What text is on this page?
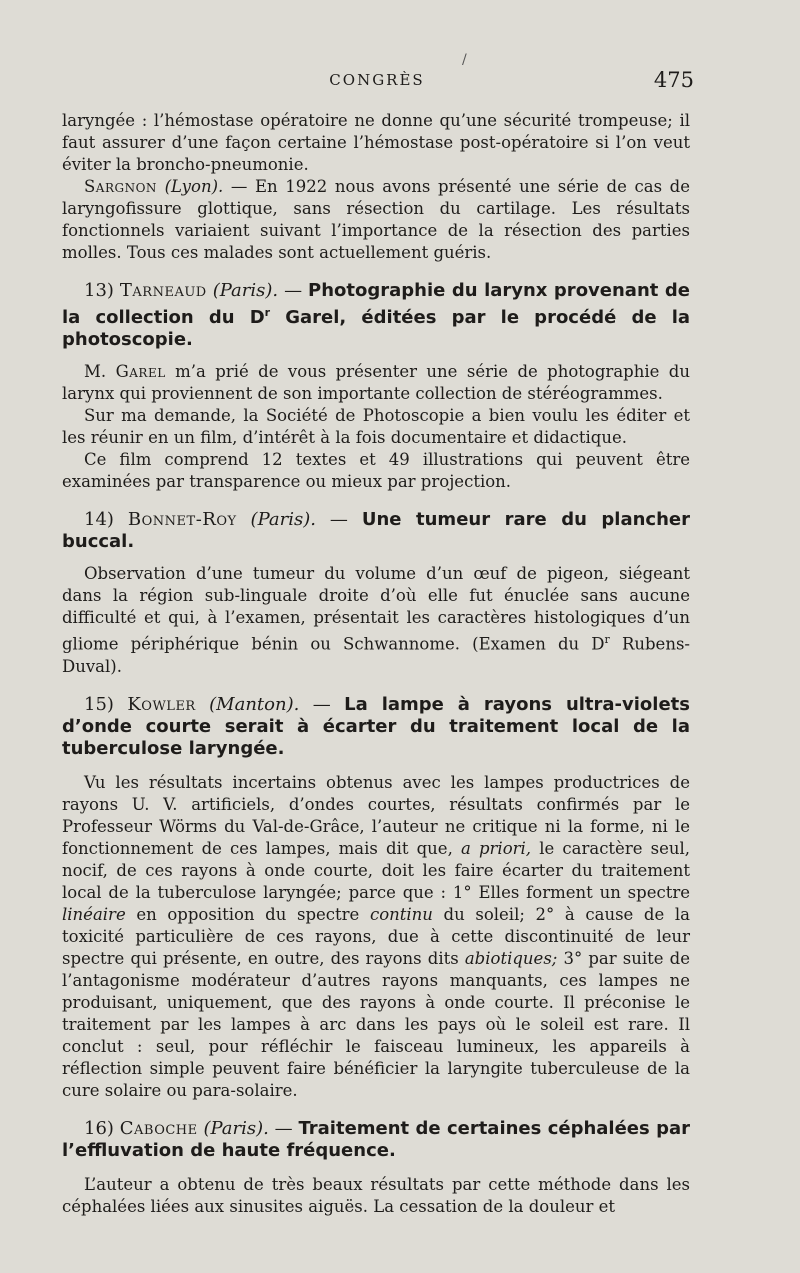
/
CONGRÈS	475

laryngée : l’hémostase opératoire ne donne qu’une sécurité trompeuse; il faut assurer d’une façon certaine l’hémostase post-opératoire si l’on veut éviter la broncho-pneumonie.

Sargnon (Lyon). — En 1922 nous avons présenté une série de cas de laryngofissure glottique, sans résection du cartilage. Les résultats fonctionnels variaient suivant l’importance de la résection des parties molles. Tous ces malades sont actuellement guéris.

13) Tarneaud (Paris). — Photographie du larynx provenant de la collection du $D^r$ Garel, éditées par le procédé de la photoscopie.

M. Garel m’a prié de vous présenter une série de photographie du larynx qui proviennent de son importante collection de stéréogrammes.

Sur ma demande, la Société de Photoscopie a bien voulu les éditer et les réunir en un film, d’intérêt à la fois documentaire et didactique.

Ce film comprend 12 textes et 49 illustrations qui peuvent être examinées par transparence ou mieux par projection.

14) Bonnet-Roy (Paris). — Une tumeur rare du plancher buccal.

Observation d’une tumeur du volume d’un œuf de pigeon, siégeant dans la région sub-linguale droite d’où elle fut énuclée sans aucune difficulté et qui, à l’examen, présentait les caractères histologiques d’un gliome périphérique bénin ou Schwannome. (Examen du $D^r$ Rubens-Duval).

15) Kowler (Manton). — La lampe à rayons ultra-violets d’onde courte serait à écarter du traitement local de la tuberculose laryngée.

Vu les résultats incertains obtenus avec les lampes productrices de rayons U. V. artificiels, d’ondes courtes, résultats confirmés par le Professeur Wörms du Val-de-Grâce, l’auteur ne critique ni la forme, ni le fonctionnement de ces lampes, mais dit que, a priori, le caractère seul, nocif, de ces rayons à onde courte, doit les faire écarter du traitement local de la tuberculose laryngée; parce que : 1° Elles forment un spectre linéaire en opposition du spectre continu du soleil; 2° à cause de la toxicité particulière de ces rayons, due à cette discontinuité de leur spectre qui présente, en outre, des rayons dits abiotiques; 3° par suite de l’antagonisme modérateur d’autres rayons manquants, ces lampes ne produisant, uniquement, que des rayons à onde courte. Il préconise le traitement par les lampes à arc dans les pays où le soleil est rare. Il conclut : seul, pour réfléchir le faisceau lumineux, les appareils à réflection simple peuvent faire bénéficier la laryngite tuberculeuse de la cure solaire ou para-solaire.

16) Caboche (Paris). — Traitement de certaines céphalées par l’effluvation de haute fréquence.

L’auteur a obtenu de très beaux résultats par cette méthode dans les céphalées liées aux sinusites aiguës. La cessation de la douleur et
